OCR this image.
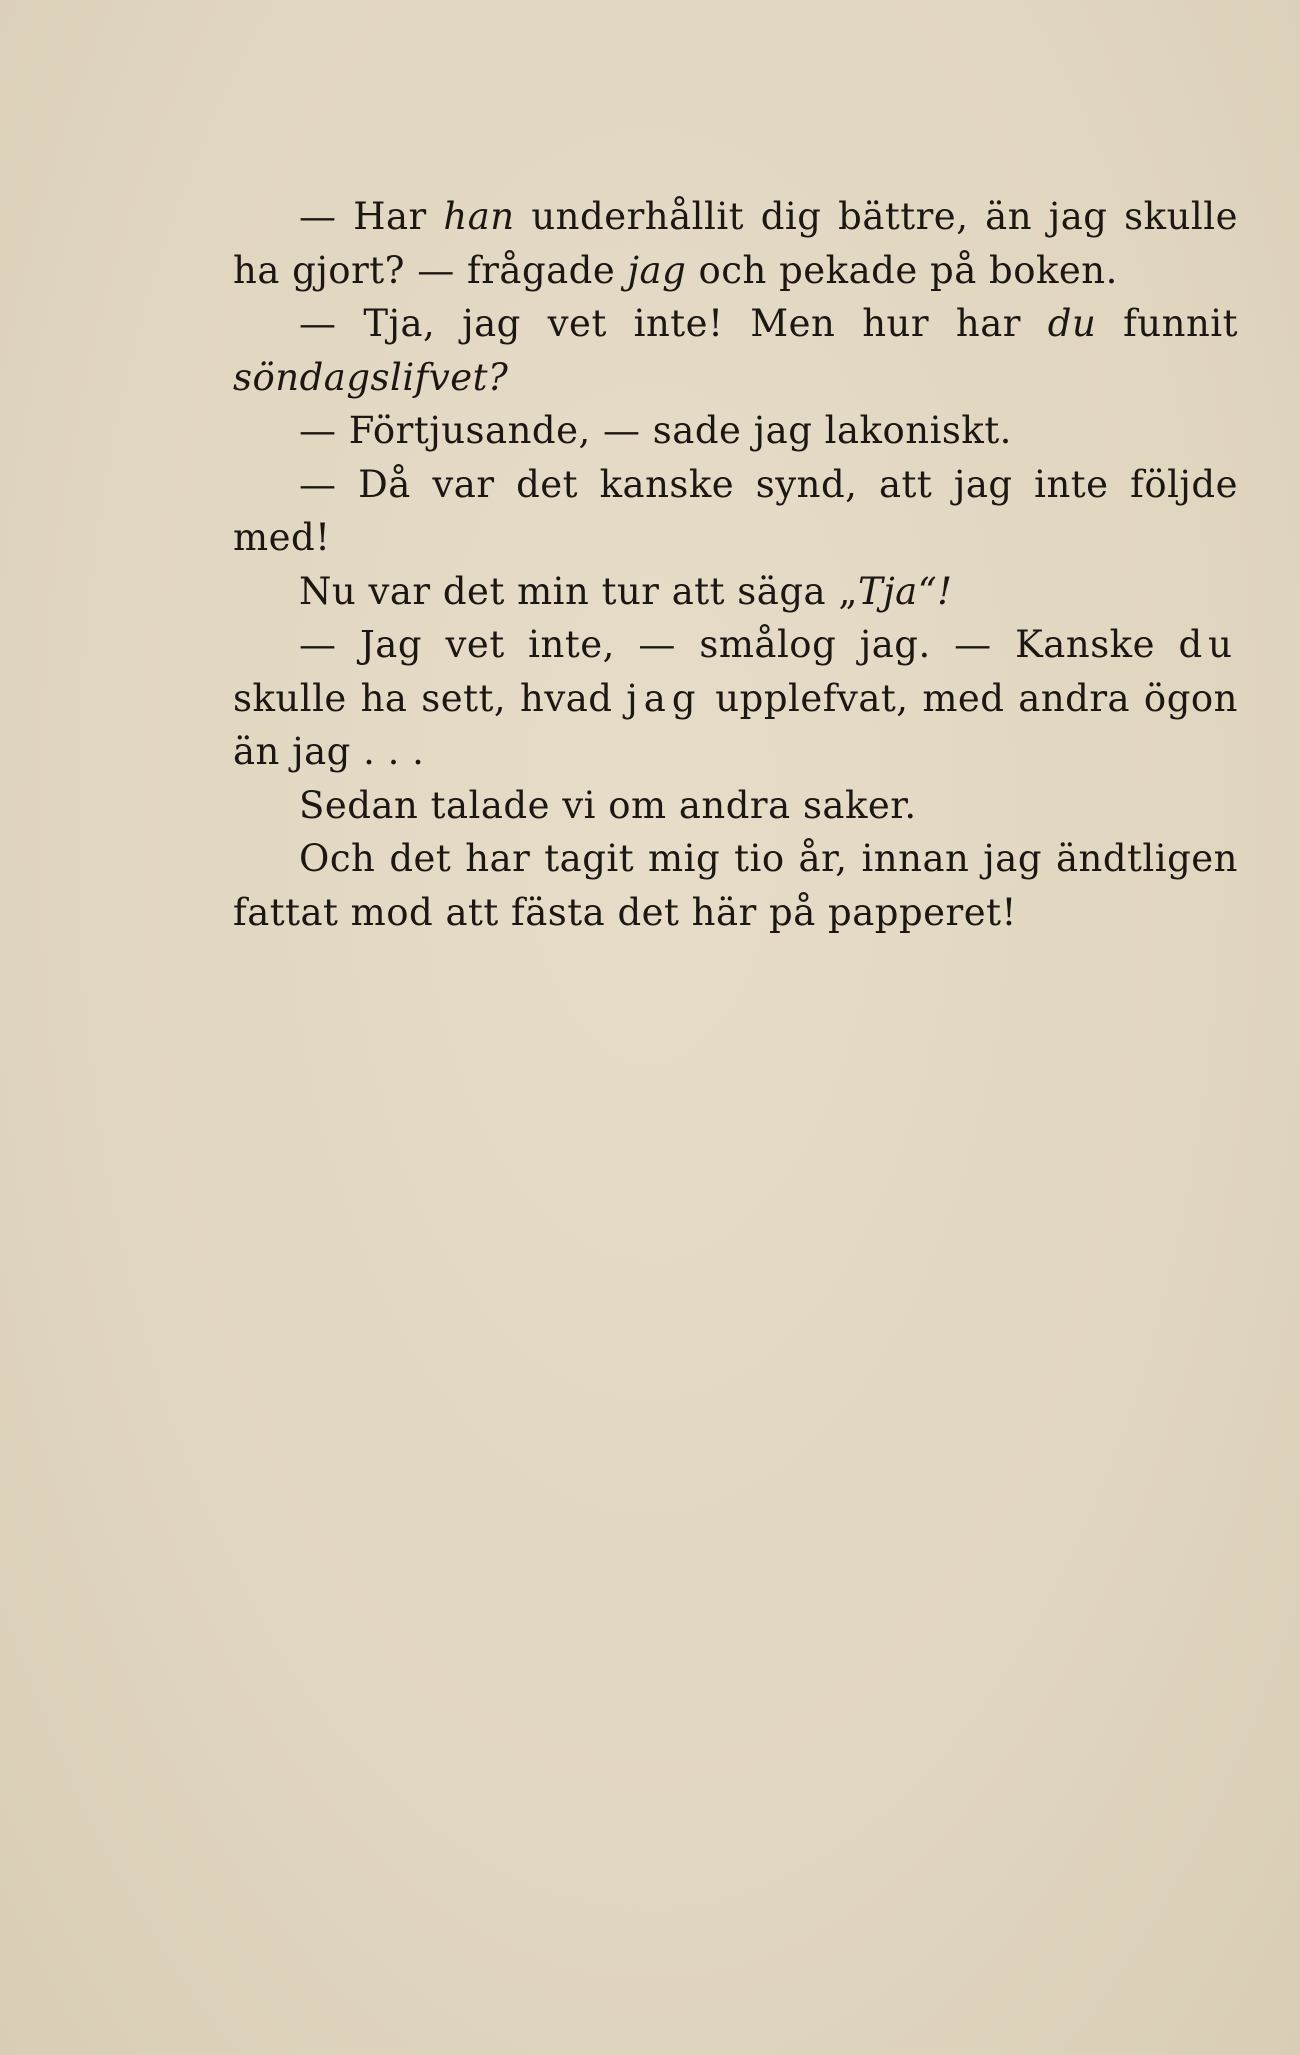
— Har han underhållit dig bättre, än jag skulle ha gjort? — frågade jag och pekade på boken.

— Tja, jag vet inte! Men hur har du funnit söndagslifvet?

— Förtjusande, — sade jag lakoniskt.

— Då var det kanske synd, att jag inte följde med!

Nu var det min tur att säga „Tja“!

— Jag vet inte, — smålog jag. — Kanske du skulle ha sett, hvad jag upplefvat, med andra ögon än jag . . .

Sedan talade vi om andra saker.

Och det har tagit mig tio år, innan jag ändtligen fattat mod att fästa det här på papperet!
